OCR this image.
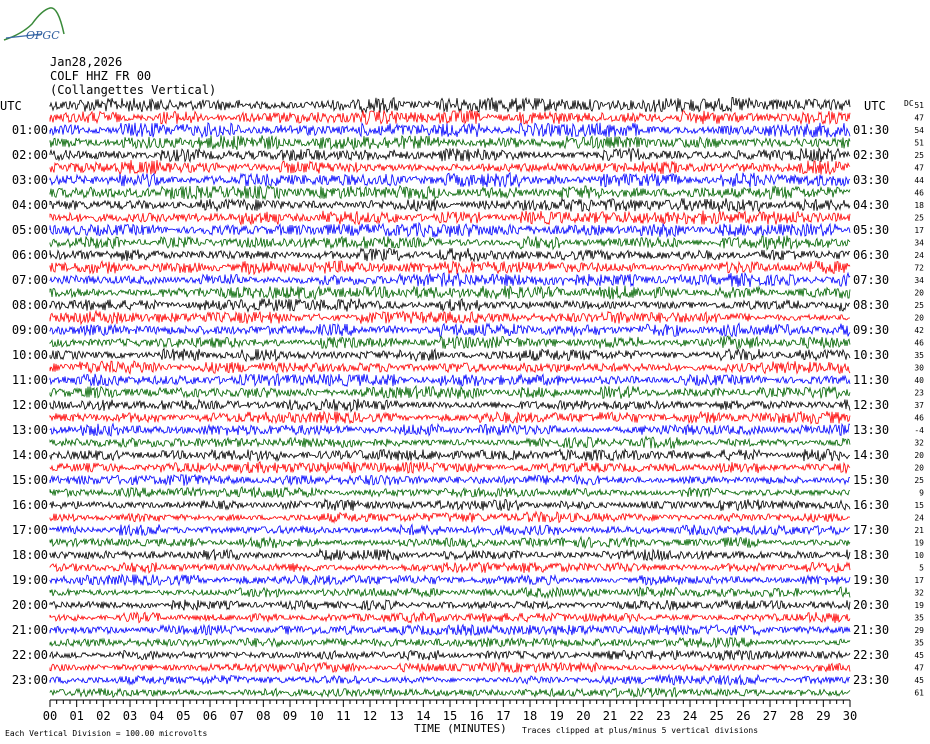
00 01 02 03 04 05 06 07 08 09 10 11 12 13 14 15 16 17 18 19 20 21 22 23 24 25 26 27 28 29 30
UTC	UTC DC
01:00
02:00
03:00
04:00
05:00
06:00
07:00
08:00
09:00
10:00
11:00
12:00
13:00
14:00
15:00
16:00
17:00
18:00
19:00
20:00
21:00
22:00
23:00
01:30
02:30
03:30
04:30
05:30
06:30
07:30
08:30
09:30
10:30
11:30
12:30
13:30
14:30
15:30
16:30
17:30
18:30
19:30
20:30
21:30
22:30
23:30
51
47
54
51
25
47
44
46
18
25
17
34
24
72
34
20
25
20
42
46
35
30
40
23
37
46
-4
32
20
20
25
9
15
24
21
19
10
5
17
32
19
35
29
35
45
47
45
61
Each Vertical Division = 100.00 microvolts	TIME (MINUTES) Traces clipped at plus/minus 5 vertical divisions
OPGC
Jan28,2026
COLF HHZ FR 00
(Collangettes Vertical)
